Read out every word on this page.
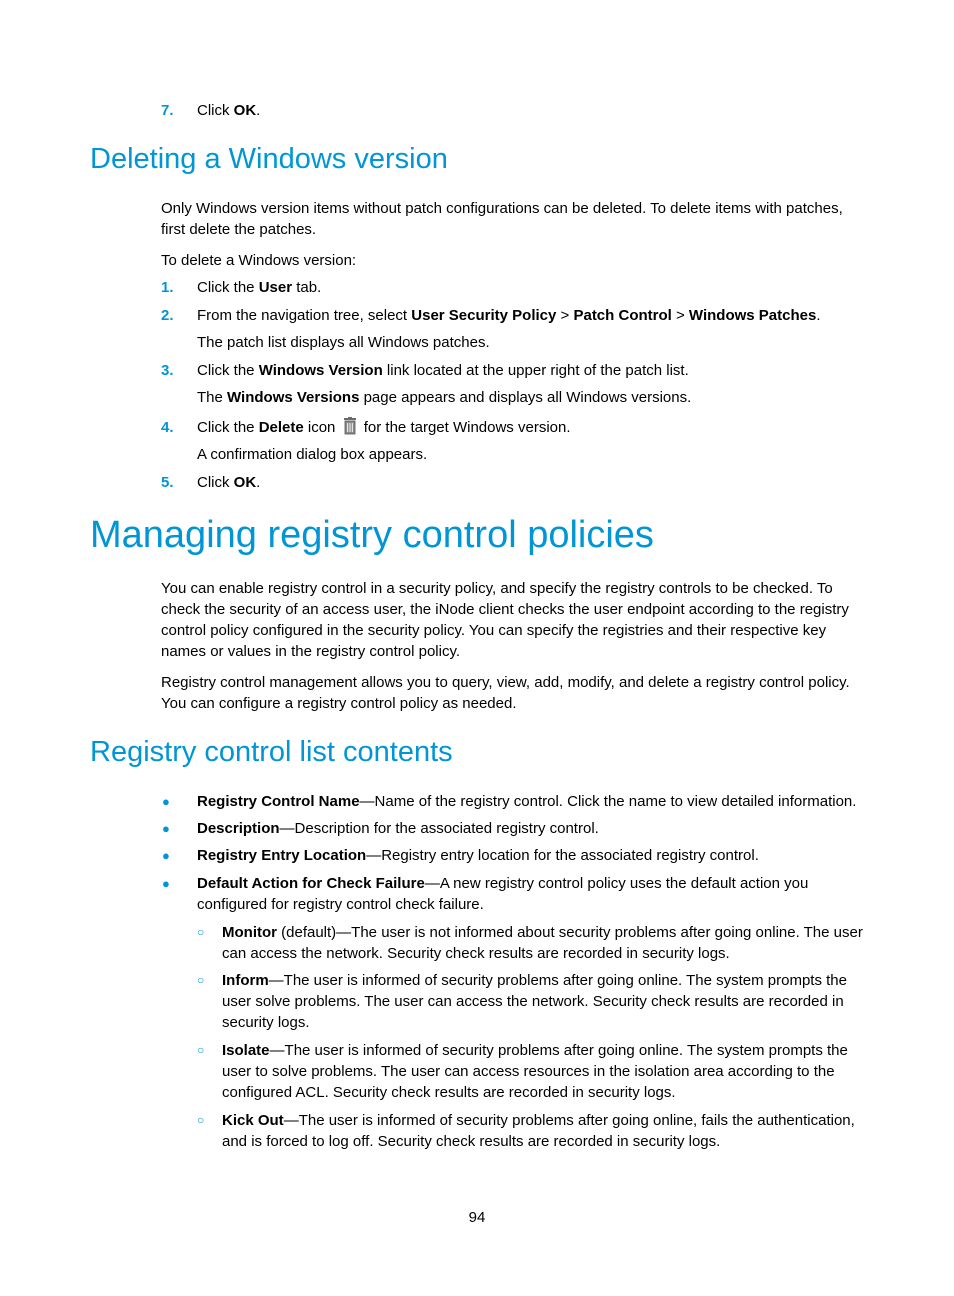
7. Click OK.
Deleting a Windows version
Only Windows version items without patch configurations can be deleted. To delete items with patches, first delete the patches.
To delete a Windows version:
1. Click the User tab.
2. From the navigation tree, select User Security Policy > Patch Control > Windows Patches.
The patch list displays all Windows patches.
3. Click the Windows Version link located at the upper right of the patch list.
The Windows Versions page appears and displays all Windows versions.
4. Click the Delete icon  for the target Windows version.
A confirmation dialog box appears.
5. Click OK.
Managing registry control policies
You can enable registry control in a security policy, and specify the registry controls to be checked. To check the security of an access user, the iNode client checks the user endpoint according to the registry control policy configured in the security policy. You can specify the registries and their respective key names or values in the registry control policy.
Registry control management allows you to query, view, add, modify, and delete a registry control policy. You can configure a registry control policy as needed.
Registry control list contents
● Registry Control Name—Name of the registry control. Click the name to view detailed information.
● Description—Description for the associated registry control.
● Registry Entry Location—Registry entry location for the associated registry control.
● Default Action for Check Failure—A new registry control policy uses the default action you configured for registry control check failure.
○ Monitor (default)—The user is not informed about security problems after going online. The user can access the network. Security check results are recorded in security logs.
○ Inform—The user is informed of security problems after going online. The system prompts the user solve problems. The user can access the network. Security check results are recorded in security logs.
○ Isolate—The user is informed of security problems after going online. The system prompts the user to solve problems. The user can access resources in the isolation area according to the configured ACL. Security check results are recorded in security logs.
○ Kick Out—The user is informed of security problems after going online, fails the authentication, and is forced to log off. Security check results are recorded in security logs.
94
